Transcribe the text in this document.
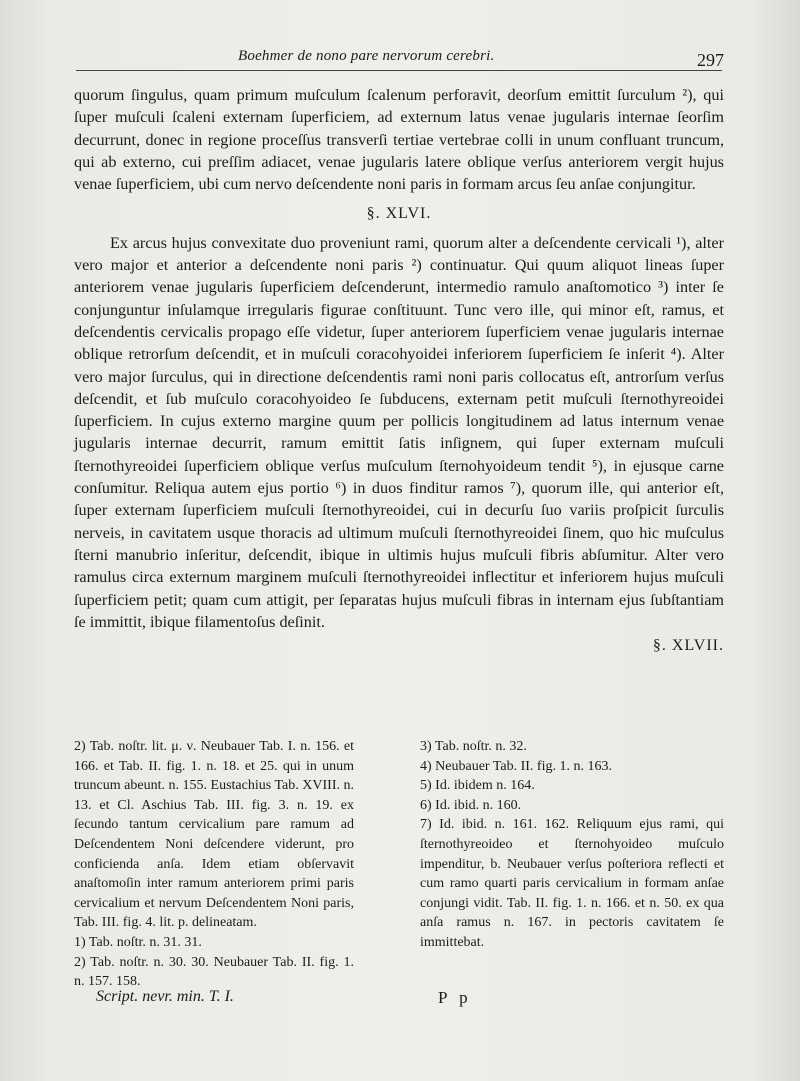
Boehmer de nono pare nervorum cerebri.	297

quorum ſingulus, quam primum muſculum ſcalenum perforavit, deorſum emittit ſurculum ²), qui ſuper muſculi ſcaleni externam ſuperficiem, ad externum latus venae jugularis internae ſeorſim decurrunt, donec in regione proceſſus transverſi tertiae vertebrae colli in unum confluant truncum, qui ab externo, cui preſſim adiacet, venae jugularis latere oblique verſus anteriorem vergit hujus venae ſuperficiem, ubi cum nervo deſcendente noni paris in formam arcus ſeu anſae conjungitur.

§. XLVI.

Ex arcus hujus convexitate duo proveniunt rami, quorum alter a deſcendente cervicali ¹), alter vero major et anterior a deſcendente noni paris ²) continuatur. Qui quum aliquot lineas ſuper anteriorem venae jugularis ſuperficiem deſcenderunt, intermedio ramulo anaſtomotico ³) inter ſe conjunguntur inſulamque irregularis figurae conſtituunt. Tunc vero ille, qui minor eſt, ramus, et deſcendentis cervicalis propago eſſe videtur, ſuper anteriorem ſuperficiem venae jugularis internae oblique retrorſum deſcendit, et in muſculi coracohyoidei inferiorem ſuperficiem ſe inſerit ⁴). Alter vero major ſurculus, qui in directione deſcendentis rami noni paris collocatus eſt, antrorſum verſus deſcendit, et ſub muſculo coracohyoideo ſe ſubducens, externam petit muſculi ſternothyreoidei ſuperficiem. In cujus externo margine quum per pollicis longitudinem ad latus internum venae jugularis internae decurrit, ramum emittit ſatis inſignem, qui ſuper externam muſculi ſternothyreoidei ſuperficiem oblique verſus muſculum ſternohyoideum tendit ⁵), in ejusque carne conſumitur. Reliqua autem ejus portio ⁶) in duos finditur ramos ⁷), quorum ille, qui anterior eſt, ſuper externam ſuperficiem muſculi ſternothyreoidei, cui in decurſu ſuo variis proſpicit ſurculis nerveis, in cavitatem usque thoracis ad ultimum muſculi ſternothyreoidei ſinem, quo hic muſculus ſterni manubrio inſeritur, deſcendit, ibique in ultimis hujus muſculi fibris abſumitur. Alter vero ramulus circa externum marginem muſculi ſternothyreoidei inflectitur et inferiorem hujus muſculi ſuperficiem petit; quam cum attigit, per ſeparatas hujus muſculi fibras in internam ejus ſubſtantiam ſe immittit, ibique filamentoſus deſinit.

§. XLVII.

2) Tab. noſtr. lit. μ. ν. Neubauer Tab. I. n. 156. et 166. et Tab. II. fig. 1. n. 18. et 25. qui in unum truncum abeunt. n. 155. Eustachius Tab. XVIII. n. 13. et Cl. Aschius Tab. III. fig. 3. n. 19. ex ſecundo tantum cervicalium pare ramum ad Deſcendentem Noni deſcendere viderunt, pro conficienda anſa. Idem etiam obſervavit anaſtomoſin inter ramum anteriorem primi paris cervicalium et nervum Deſcendentem Noni paris, Tab. III. fig. 4. lit. p. delineatam.

1) Tab. noſtr. n. 31. 31.

2) Tab. noſtr. n. 30. 30. Neubauer Tab. II. fig. 1. n. 157. 158.

3) Tab. noſtr. n. 32.

4) Neubauer Tab. II. fig. 1. n. 163.

5) Id. ibidem n. 164.

6) Id. ibid. n. 160.

7) Id. ibid. n. 161. 162. Reliquum ejus rami, qui ſternothyreoideo et ſternohyoideo muſculo impenditur, b. Neubauer verſus poſteriora reflecti et cum ramo quarti paris cervicalium in formam anſae conjungi vidit. Tab. II. fig. 1. n. 166. et n. 50. ex qua anſa ramus n. 167. in pectoris cavitatem ſe immittebat.

Script. nevr. min. T. I.	P p
